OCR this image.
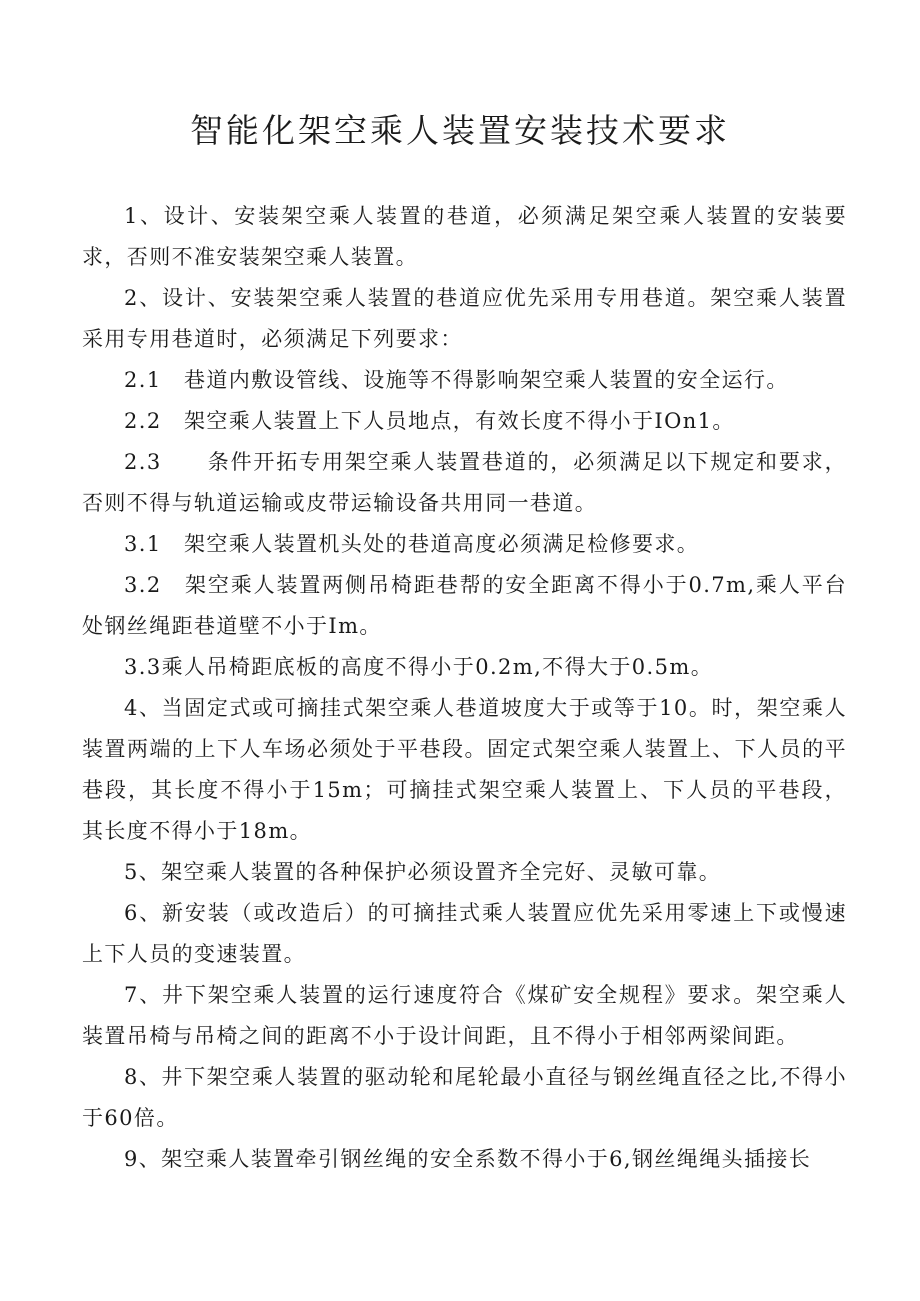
智能化架空乘人装置安装技术要求

1、设计、安装架空乘人装置的巷道，必须满足架空乘人装置的安装要求，否则不准安装架空乘人装置。

2、设计、安装架空乘人装置的巷道应优先采用专用巷道。架空乘人装置采用专用巷道时，必须满足下列要求：

2.1　巷道内敷设管线、设施等不得影响架空乘人装置的安全运行。

2.2　架空乘人装置上下人员地点，有效长度不得小于IOn1。

2.3　　条件开拓专用架空乘人装置巷道的，必须满足以下规定和要求，否则不得与轨道运输或皮带运输设备共用同一巷道。

3.1　架空乘人装置机头处的巷道高度必须满足检修要求。

3.2　架空乘人装置两侧吊椅距巷帮的安全距离不得小于0.7m,乘人平台处钢丝绳距巷道壁不小于Im。

3.3乘人吊椅距底板的高度不得小于0.2m,不得大于0.5m。

4、当固定式或可摘挂式架空乘人巷道坡度大于或等于10。时，架空乘人装置两端的上下人车场必须处于平巷段。固定式架空乘人装置上、下人员的平巷段，其长度不得小于15m；可摘挂式架空乘人装置上、下人员的平巷段，其长度不得小于18m。

5、架空乘人装置的各种保护必须设置齐全完好、灵敏可靠。

6、新安装（或改造后）的可摘挂式乘人装置应优先采用零速上下或慢速上下人员的变速装置。

7、井下架空乘人装置的运行速度符合《煤矿安全规程》要求。架空乘人装置吊椅与吊椅之间的距离不小于设计间距，且不得小于相邻两梁间距。

8、井下架空乘人装置的驱动轮和尾轮最小直径与钢丝绳直径之比,不得小于60倍。

9、架空乘人装置牵引钢丝绳的安全系数不得小于6,钢丝绳绳头插接长
